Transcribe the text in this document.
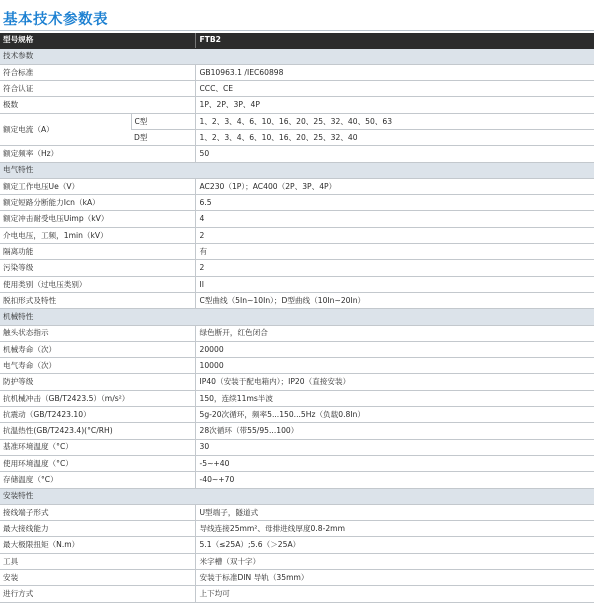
基本技术参数表
型号规格		FTB2
技术参数		
符合标准		GB10963.1 /IEC60898
符合认证		CCC、CE
极数		1P、2P、3P、4P
额定电流（A）	C型	1、2、3、4、6、10、16、20、25、32、40、50、63
	D型	1、2、3、4、6、10、16、20、25、32、40
额定频率（Hz）		50
电气特性		
额定工作电压Ue（V）		AC230（1P）；AC400（2P、3P、4P）
额定短路分断能力Icn（kA）		6.5
额定冲击耐受电压Uimp（kV）		4
介电电压，工频，1min（kV）		2
隔离功能		有
污染等级		2
使用类别（过电压类别）		II
脱扣形式及特性		C型曲线（5In~10In）；D型曲线（10In~20In）
机械特性		
触头状态指示		绿色断开，红色闭合
机械寿命（次）		20000
电气寿命（次）		10000
防护等级		IP40（安装于配电箱内）；IP20（直接安装）
抗机械冲击（GB/T2423.5）（m/s²）		150，连续11ms半波
抗震动（GB/T2423.10）		5g-20次循环，频率5...150...5Hz（负载0.8In）
抗温热性(GB/T2423.4)(°C/RH)		28次循环（带55/95...100）
基准环境温度（°C）		30
使用环境温度（°C）		-5~+40
存储温度（°C）		-40~+70
安装特性		
接线端子形式		U型端子，隧道式
最大接线能力		导线连接25mm²、母排进线厚度0.8-2mm
最大极限扭矩（N.m）		5.1（≤25A）;5.6（＞25A）
工具		米字槽（双十字）
安装		安装于标准DIN 导轨（35mm）
进行方式		上下均可
